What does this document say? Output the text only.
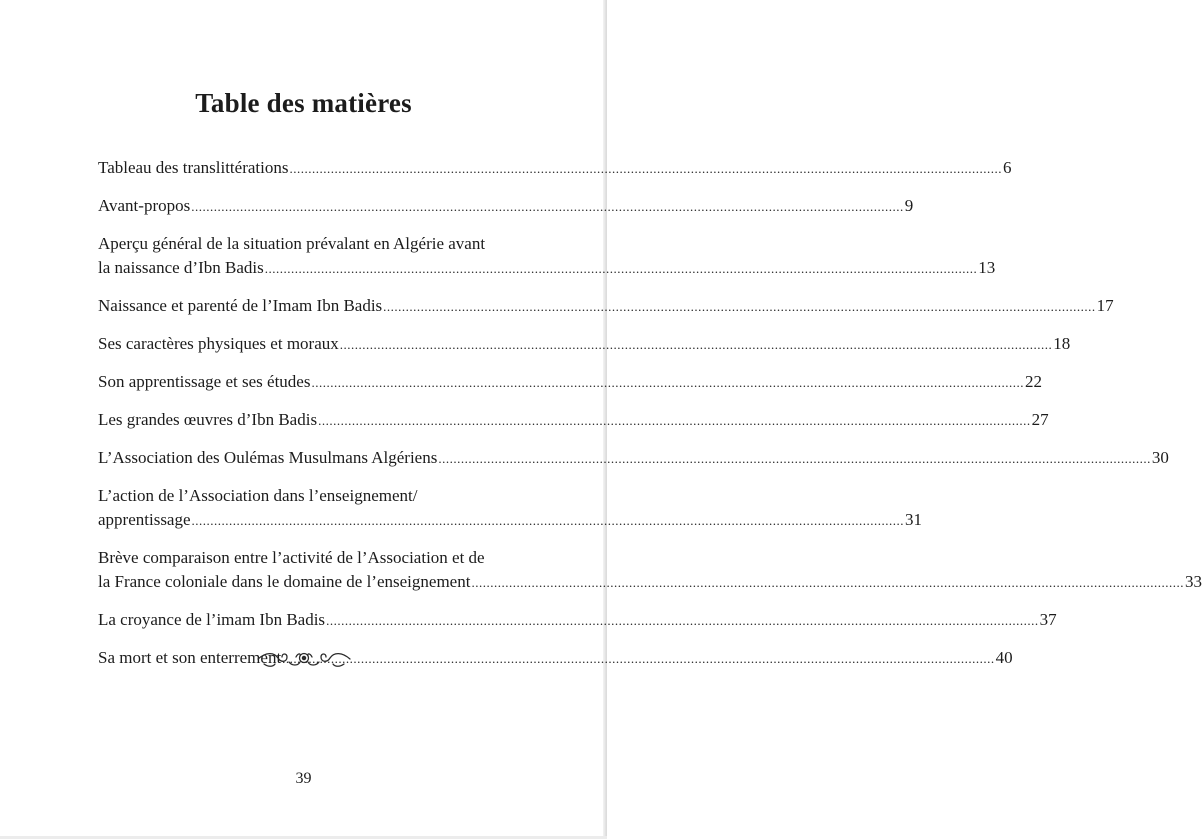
Table des matières
Tableau des translittérations .....	6
Avant-propos .....	9
Aperçu général de la situation prévalant en Algérie avant
la naissance d’Ibn Badis .....	13
Naissance et parenté de l’Imam Ibn Badis .....	17
Ses caractères physiques et moraux .....	18
Son apprentissage et ses études .....	22
Les grandes œuvres d’Ibn Badis .....	27
L’Association des Oulémas Musulmans Algériens .....	30
L’action de l’Association dans l’enseignement/
apprentissage .....	31
Brève comparaison entre l’activité de l’Association et de
la France coloniale dans le domaine de l’enseignement .....	33
La croyance de l’imam Ibn Badis .....	37
Sa mort et son enterrement .....	40
39
